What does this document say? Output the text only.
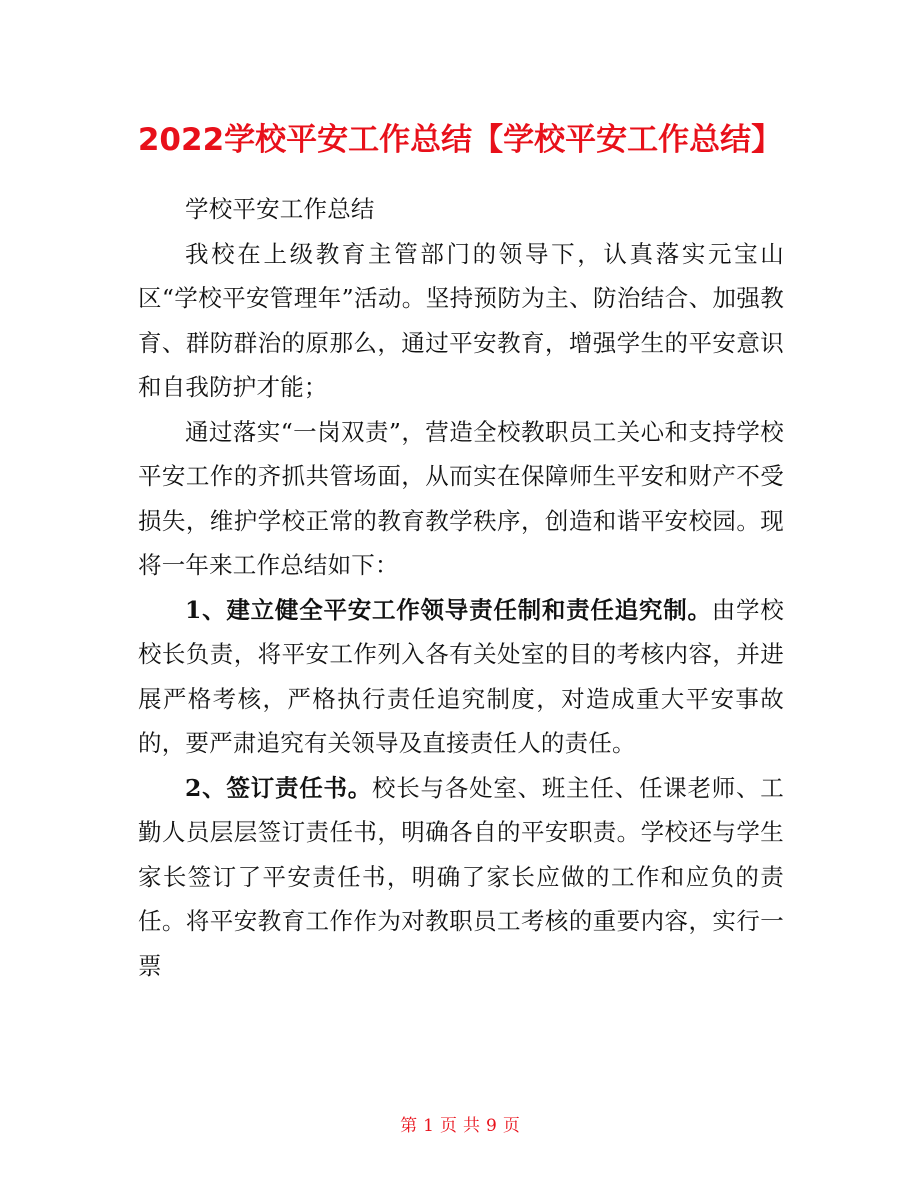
2022学校平安工作总结【学校平安工作总结】

学校平安工作总结

我校在上级教育主管部门的领导下，认真落实元宝山区“学校平安管理年”活动。坚持预防为主、防治结合、加强教育、群防群治的原那么，通过平安教育，增强学生的平安意识和自我防护才能；

通过落实“一岗双责”，营造全校教职员工关心和支持学校平安工作的齐抓共管场面，从而实在保障师生平安和财产不受损失，维护学校正常的教育教学秩序，创造和谐平安校园。现将一年来工作总结如下：

1、建立健全平安工作领导责任制和责任追究制。由学校校长负责，将平安工作列入各有关处室的目的考核内容，并进展严格考核，严格执行责任追究制度，对造成重大平安事故的，要严肃追究有关领导及直接责任人的责任。

2、签订责任书。校长与各处室、班主任、任课老师、工勤人员层层签订责任书，明确各自的平安职责。学校还与学生家长签订了平安责任书，明确了家长应做的工作和应负的责任。将平安教育工作作为对教职员工考核的重要内容，实行一票

第 1 页 共 9 页
